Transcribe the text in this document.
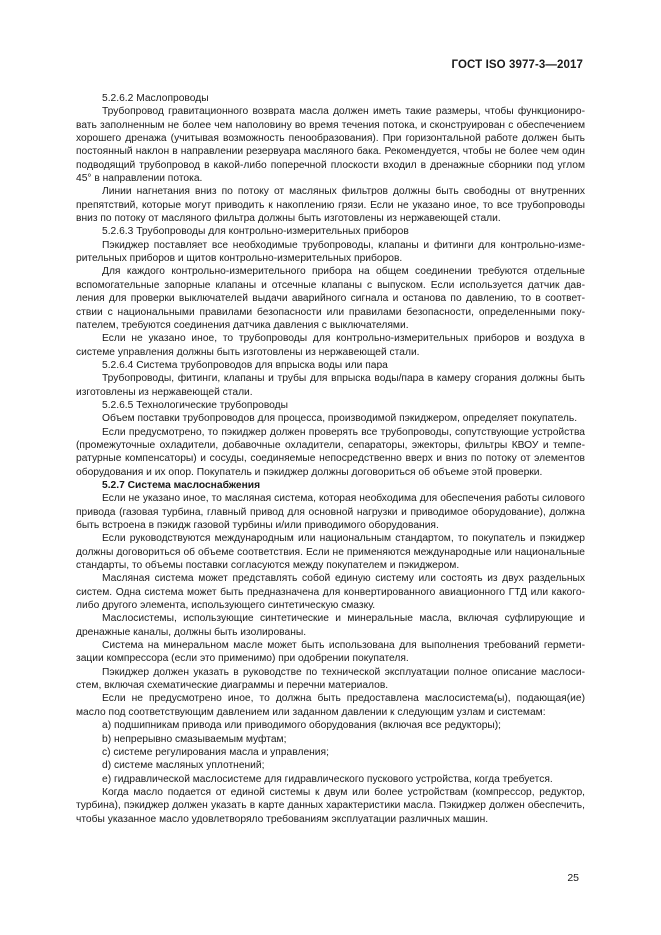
ГОСТ ISO 3977-3—2017

5.2.6.2 Маслопроводы

Трубопровод гравитационного возврата масла должен иметь такие размеры, чтобы функционировать заполненным не более чем наполовину во время течения потока, и сконструирован с обеспечением хорошего дренажа (учитывая возможность пенообразования). При горизонтальной работе должен быть постоянный наклон в направлении резервуара масляного бака. Рекомендуется, чтобы не более чем один подводящий трубопровод в какой-либо поперечной плоскости входил в дренажные сборники под углом 45° в направлении потока.

Линии нагнетания вниз по потоку от масляных фильтров должны быть свободны от внутренних препятствий, которые могут приводить к накоплению грязи. Если не указано иное, то все трубопроводы вниз по потоку от масляного фильтра должны быть изготовлены из нержавеющей стали.

5.2.6.3 Трубопроводы для контрольно-измерительных приборов

Пэкиджер поставляет все необходимые трубопроводы, клапаны и фитинги для контрольно-измерительных приборов и щитов контрольно-измерительных приборов.

Для каждого контрольно-измерительного прибора на общем соединении требуются отдельные вспомогательные запорные клапаны и отсечные клапаны с выпуском. Если используется датчик давления для проверки выключателей выдачи аварийного сигнала и останова по давлению, то в соответствии с национальными правилами безопасности или правилами безопасности, определенными покупателем, требуются соединения датчика давления с выключателями.

Если не указано иное, то трубопроводы для контрольно-измерительных приборов и воздуха в системе управления должны быть изготовлены из нержавеющей стали.

5.2.6.4 Система трубопроводов для впрыска воды или пара

Трубопроводы, фитинги, клапаны и трубы для впрыска воды/пара в камеру сгорания должны быть изготовлены из нержавеющей стали.

5.2.6.5 Технологические трубопроводы

Объем поставки трубопроводов для процесса, производимой пэкиджером, определяет покупатель.

Если предусмотрено, то пэкиджер должен проверять все трубопроводы, сопутствующие устройства (промежуточные охладители, добавочные охладители, сепараторы, эжекторы, фильтры КВОУ и температурные компенсаторы) и сосуды, соединяемые непосредственно вверх и вниз по потоку от элементов оборудования и их опор. Покупатель и пэкиджер должны договориться об объеме этой проверки.

5.2.7 Система маслоснабжения

Если не указано иное, то масляная система, которая необходима для обеспечения работы силового привода (газовая турбина, главный привод для основной нагрузки и приводимое оборудование), должна быть встроена в пэкидж газовой турбины и/или приводимого оборудования.

Если руководствуются международным или национальным стандартом, то покупатель и пэкиджер должны договориться об объеме соответствия. Если не применяются международные или национальные стандарты, то объемы поставки согласуются между покупателем и пэкиджером.

Масляная система может представлять собой единую систему или состоять из двух раздельных систем. Одна система может быть предназначена для конвертированного авиационного ГТД или какого-либо другого элемента, использующего синтетическую смазку.

Маслосистемы, использующие синтетические и минеральные масла, включая суфлирующие и дренажные каналы, должны быть изолированы.

Система на минеральном масле может быть использована для выполнения требований герметизации компрессора (если это применимо) при одобрении покупателя.

Пэкиджер должен указать в руководстве по технической эксплуатации полное описание маслосистем, включая схематические диаграммы и перечни материалов.

Если не предусмотрено иное, то должна быть предоставлена маслосистема(ы), подающая(ие) масло под соответствующим давлением или заданном давлении к следующим узлам и системам:

a) подшипникам привода или приводимого оборудования (включая все редукторы);

b) непрерывно смазываемым муфтам;

c) системе регулирования масла и управления;

d) системе масляных уплотнений;

e) гидравлической маслосистеме для гидравлического пускового устройства, когда требуется.

Когда масло подается от единой системы к двум или более устройствам (компрессор, редуктор, турбина), пэкиджер должен указать в карте данных характеристики масла. Пэкиджер должен обеспечить, чтобы указанное масло удовлетворяло требованиям эксплуатации различных машин.

25
